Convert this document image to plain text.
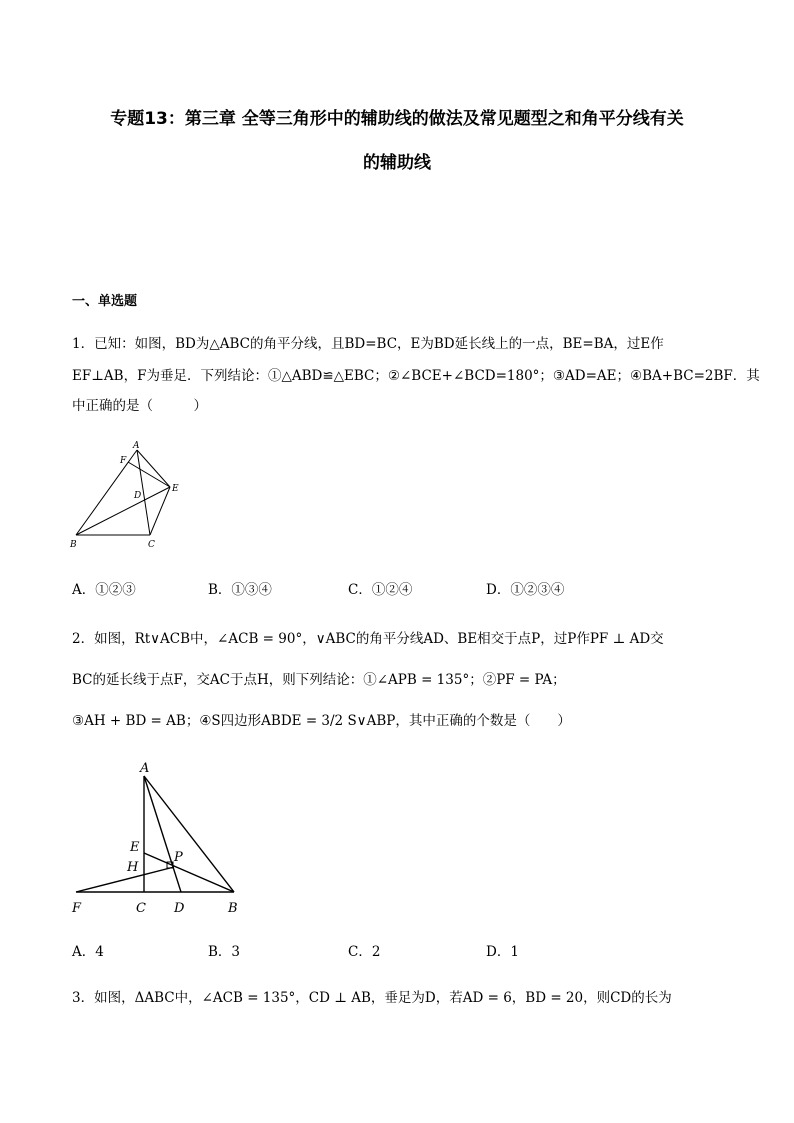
专题13：第三章 全等三角形中的辅助线的做法及常见题型之和角平分线有关
的辅助线
一、单选题
1．已知：如图，BD为△ABC的角平分线，且BD=BC，E为BD延长线上的一点，BE=BA，过E作
EF⊥AB，F为垂足．下列结论：①△ABD≌△EBC；②∠BCE+∠BCD=180°；③AD=AE；④BA+BC=2BF．其
中正确的是（　　　）
A
F
D
E
B	C
A．①②③	B．①③④	C．①②④	D．①②③④
2．如图，Rt∨ACB中，∠ACB = 90°，∨ABC的角平分线AD、BE相交于点P，过P作PF ⊥ AD交
BC的延长线于点F，交AC于点H，则下列结论：①∠APB = 135°；②PF = PA；
③AH + BD = AB；④S四边形ABDE = 3/2 S∨ABP，其中正确的个数是（　　）
A
E
H
P
F	C D	B
A．4	B．3	C．2	D．1
3．如图，ΔABC中，∠ACB = 135°，CD ⊥ AB，垂足为D，若AD = 6，BD = 20，则CD的长为
